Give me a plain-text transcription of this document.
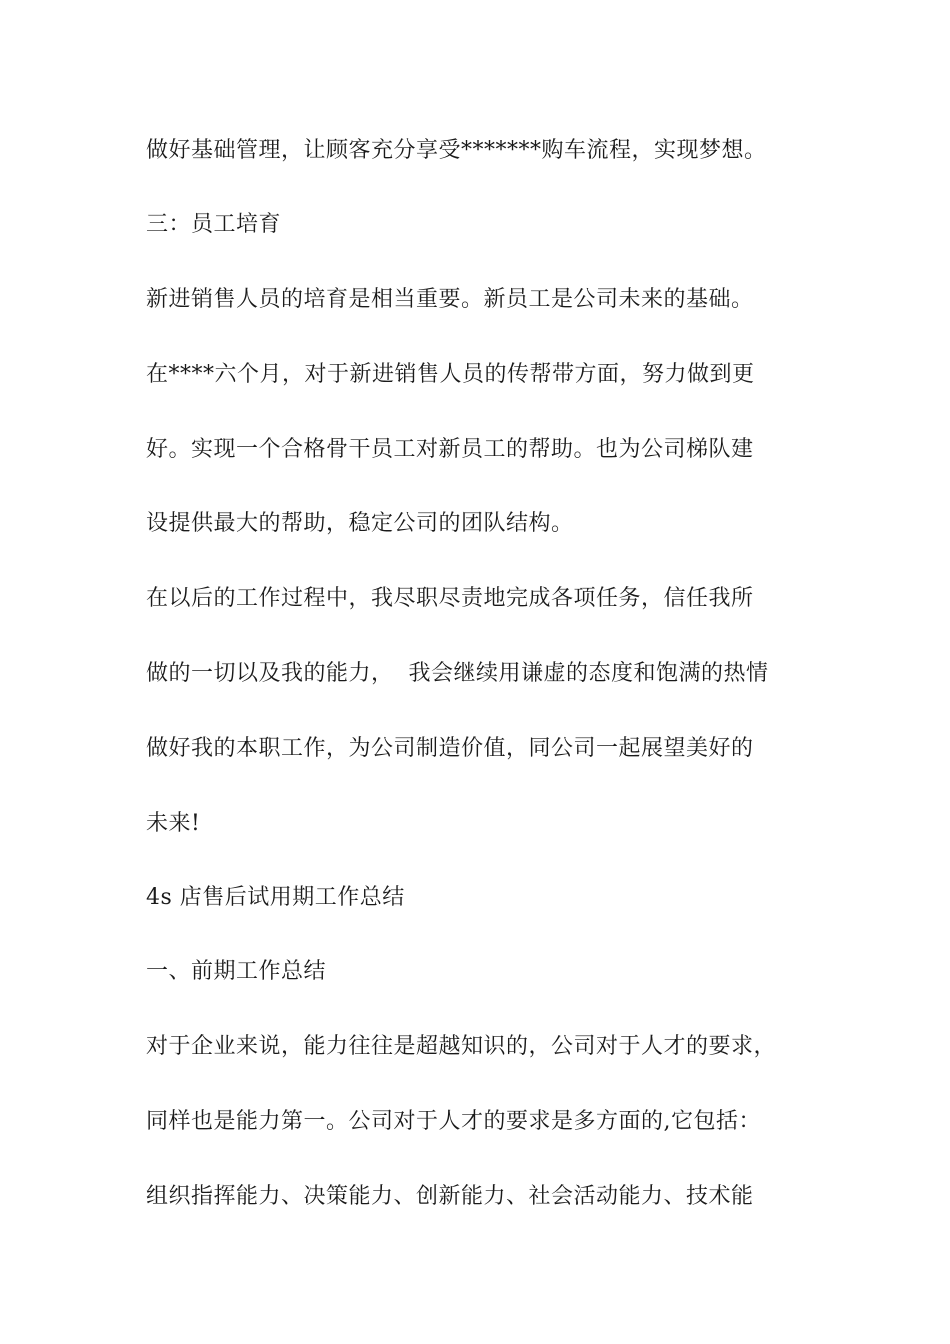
做好基础管理，让顾客充分享受*******购车流程，实现梦想。
三：员工培育
新进销售人员的培育是相当重要。新员工是公司未来的基础。
在****六个月，对于新进销售人员的传帮带方面，努力做到更
好。实现一个合格骨干员工对新员工的帮助。也为公司梯队建
设提供最大的帮助，稳定公司的团队结构。
在以后的工作过程中，我尽职尽责地完成各项任务，信任我所
做的一切以及我的能力，  我会继续用谦虚的态度和饱满的热情
做好我的本职工作，为公司制造价值，同公司一起展望美好的
未来!
4s 店售后试用期工作总结
一、前期工作总结
对于企业来说，能力往往是超越知识的，公司对于人才的要求，
同样也是能力第一。公司对于人才的要求是多方面的,它包括：
组织指挥能力、决策能力、创新能力、社会活动能力、技术能
